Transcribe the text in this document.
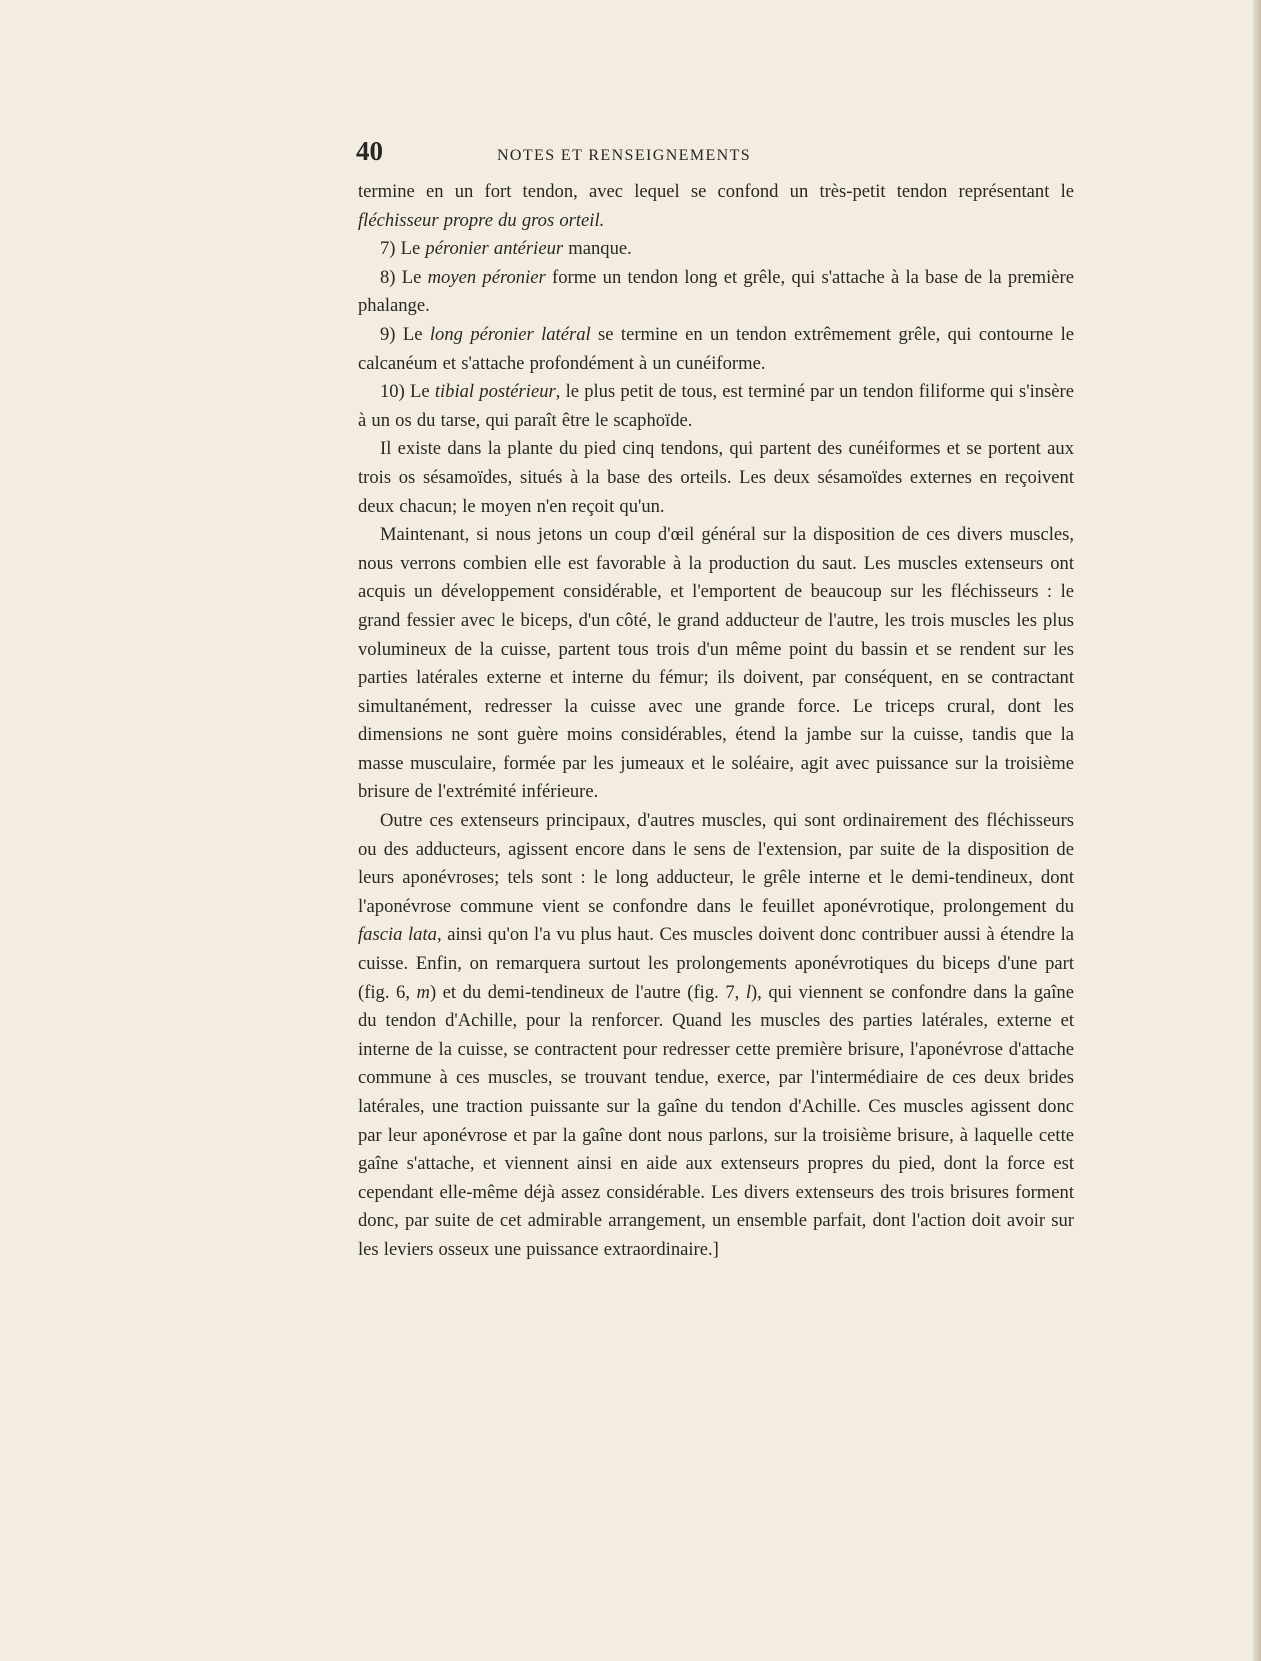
40	NOTES ET RENSEIGNEMENTS

termine en un fort tendon, avec lequel se confond un très-petit tendon représentant le fléchisseur propre du gros orteil.

7) Le péronier antérieur manque.

8) Le moyen péronier forme un tendon long et grêle, qui s'attache à la base de la première phalange.

9) Le long péronier latéral se termine en un tendon extrêmement grêle, qui contourne le calcanéum et s'attache profondément à un cunéiforme.

10) Le tibial postérieur, le plus petit de tous, est terminé par un tendon filiforme qui s'insère à un os du tarse, qui paraît être le scaphoïde.

Il existe dans la plante du pied cinq tendons, qui partent des cunéiformes et se portent aux trois os sésamoïdes, situés à la base des orteils. Les deux sésamoïdes externes en reçoivent deux chacun; le moyen n'en reçoit qu'un.

Maintenant, si nous jetons un coup d'œil général sur la disposition de ces divers muscles, nous verrons combien elle est favorable à la production du saut. Les muscles extenseurs ont acquis un développement considérable, et l'emportent de beaucoup sur les fléchisseurs : le grand fessier avec le biceps, d'un côté, le grand adducteur de l'autre, les trois muscles les plus volumineux de la cuisse, partent tous trois d'un même point du bassin et se rendent sur les parties latérales externe et interne du fémur; ils doivent, par conséquent, en se contractant simultanément, redresser la cuisse avec une grande force. Le triceps crural, dont les dimensions ne sont guère moins considérables, étend la jambe sur la cuisse, tandis que la masse musculaire, formée par les jumeaux et le soléaire, agit avec puissance sur la troisième brisure de l'extrémité inférieure.

Outre ces extenseurs principaux, d'autres muscles, qui sont ordinairement des fléchisseurs ou des adducteurs, agissent encore dans le sens de l'extension, par suite de la disposition de leurs aponévroses; tels sont : le long adducteur, le grêle interne et le demi-tendineux, dont l'aponévrose commune vient se confondre dans le feuillet aponévrotique, prolongement du fascia lata, ainsi qu'on l'a vu plus haut. Ces muscles doivent donc contribuer aussi à étendre la cuisse. Enfin, on remarquera surtout les prolongements aponévrotiques du biceps d'une part (fig. 6, m) et du demi-tendineux de l'autre (fig. 7, l), qui viennent se confondre dans la gaîne du tendon d'Achille, pour la renforcer. Quand les muscles des parties latérales, externe et interne de la cuisse, se contractent pour redresser cette première brisure, l'aponévrose d'attache commune à ces muscles, se trouvant tendue, exerce, par l'intermédiaire de ces deux brides latérales, une traction puissante sur la gaîne du tendon d'Achille. Ces muscles agissent donc par leur aponévrose et par la gaîne dont nous parlons, sur la troisième brisure, à laquelle cette gaîne s'attache, et viennent ainsi en aide aux extenseurs propres du pied, dont la force est cependant elle-même déjà assez considérable. Les divers extenseurs des trois brisures forment donc, par suite de cet admirable arrangement, un ensemble parfait, dont l'action doit avoir sur les leviers osseux une puissance extraordinaire.]
